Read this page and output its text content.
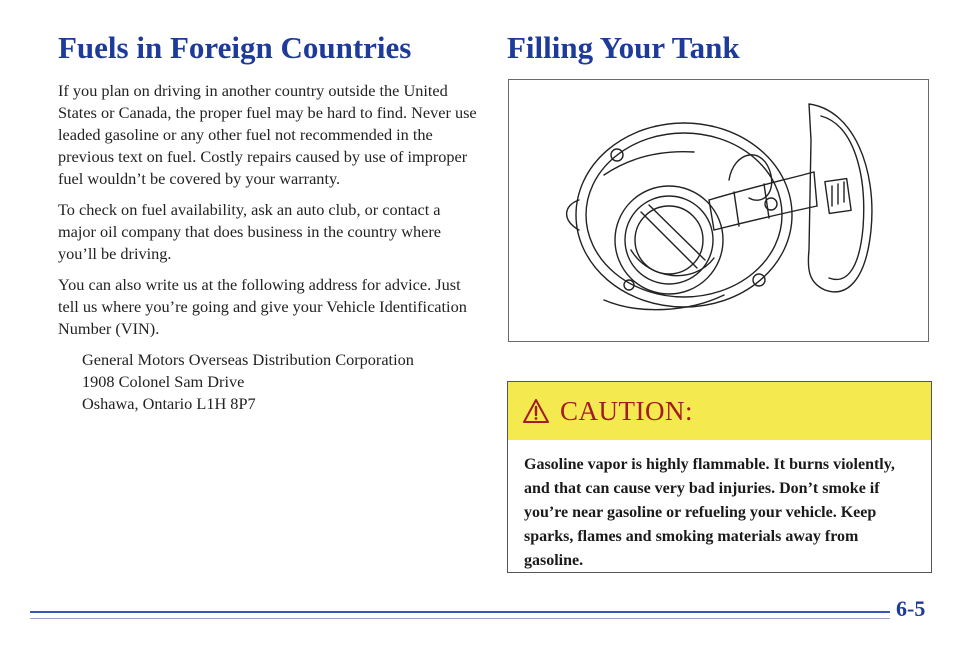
Fuels in Foreign Countries

If you plan on driving in another country outside the United States or Canada, the proper fuel may be hard to find. Never use leaded gasoline or any other fuel not recommended in the previous text on fuel. Costly repairs caused by use of improper fuel wouldn’t be covered by your warranty.

To check on fuel availability, ask an auto club, or contact a major oil company that does business in the country where you’ll be driving.

You can also write us at the following address for advice. Just tell us where you’re going and give your Vehicle Identification Number (VIN).

General Motors Overseas Distribution Corporation
1908 Colonel Sam Drive
Oshawa, Ontario L1H 8P7
Filling Your Tank
CAUTION:
Gasoline vapor is highly flammable. It burns violently, and that can cause very bad injuries. Don’t smoke if you’re near gasoline or refueling your vehicle. Keep sparks, flames and smoking materials away from gasoline.
6-5
